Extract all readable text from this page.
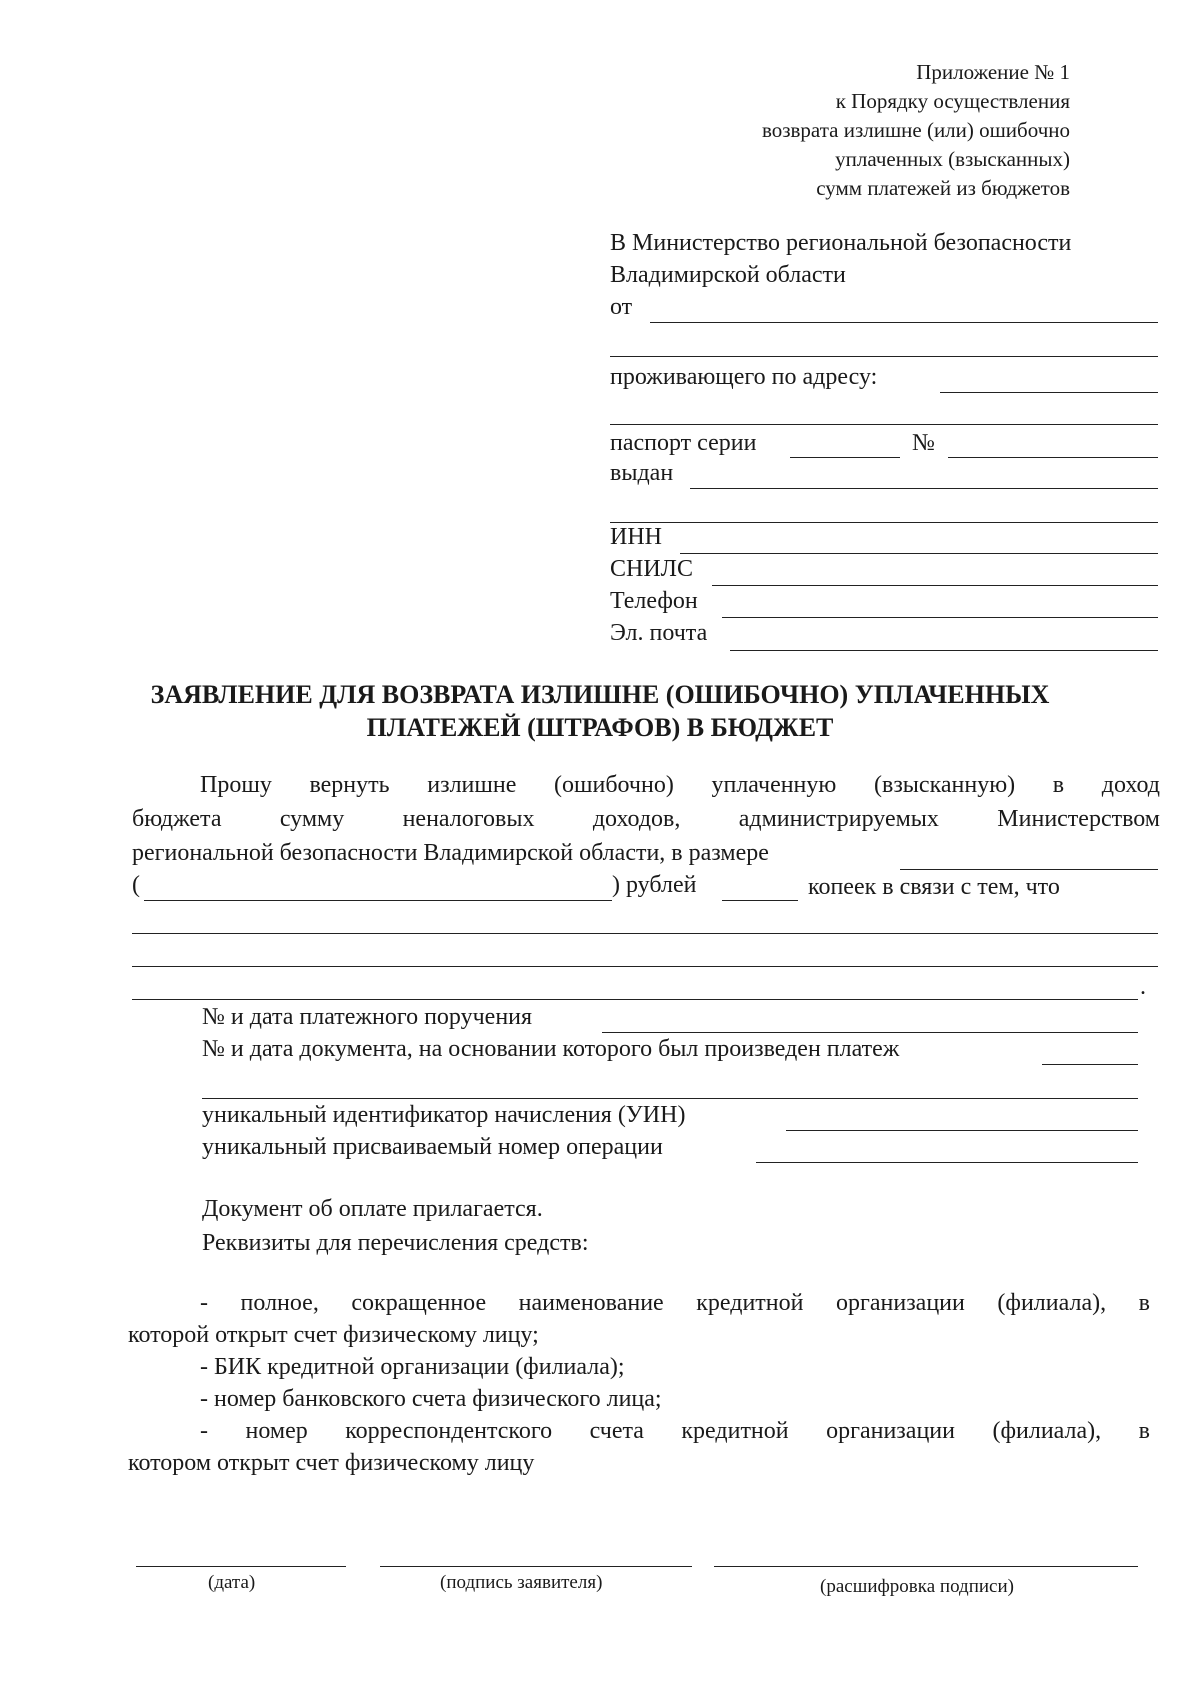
Приложение № 1
к Порядку осуществления
возврата излишне (или) ошибочно
уплаченных (взысканных)
сумм платежей из бюджетов
В Министерство региональной безопасности
Владимирской области
от
проживающего по адресу:
паспорт серии	№
выдан
ИНН
СНИЛС
Телефон
Эл. почта
ЗАЯВЛЕНИЕ ДЛЯ ВОЗВРАТА ИЗЛИШНЕ (ОШИБОЧНО) УПЛАЧЕННЫХ
ПЛАТЕЖЕЙ (ШТРАФОВ) В БЮДЖЕТ
Прошу вернуть излишне (ошибочно) уплаченную (взысканную) в доход
бюджета сумму неналоговых доходов, администрируемых Министерством
региональной безопасности Владимирской области, в размере
(	) рублей	копеек в связи с тем, что
.
№ и дата платежного поручения
№ и дата документа, на основании которого был произведен платеж
уникальный идентификатор начисления (УИН)
уникальный присваиваемый номер операции
Документ об оплате прилагается.
Реквизиты для перечисления средств:
- полное, сокращенное наименование кредитной организации (филиала), в
которой открыт счет физическому лицу;
- БИК кредитной организации (филиала);
- номер банковского счета физического лица;
- номер корреспондентского счета кредитной организации (филиала), в
котором открыт счет физическому лицу
(дата)	(подпись заявителя)	(расшифровка подписи)
